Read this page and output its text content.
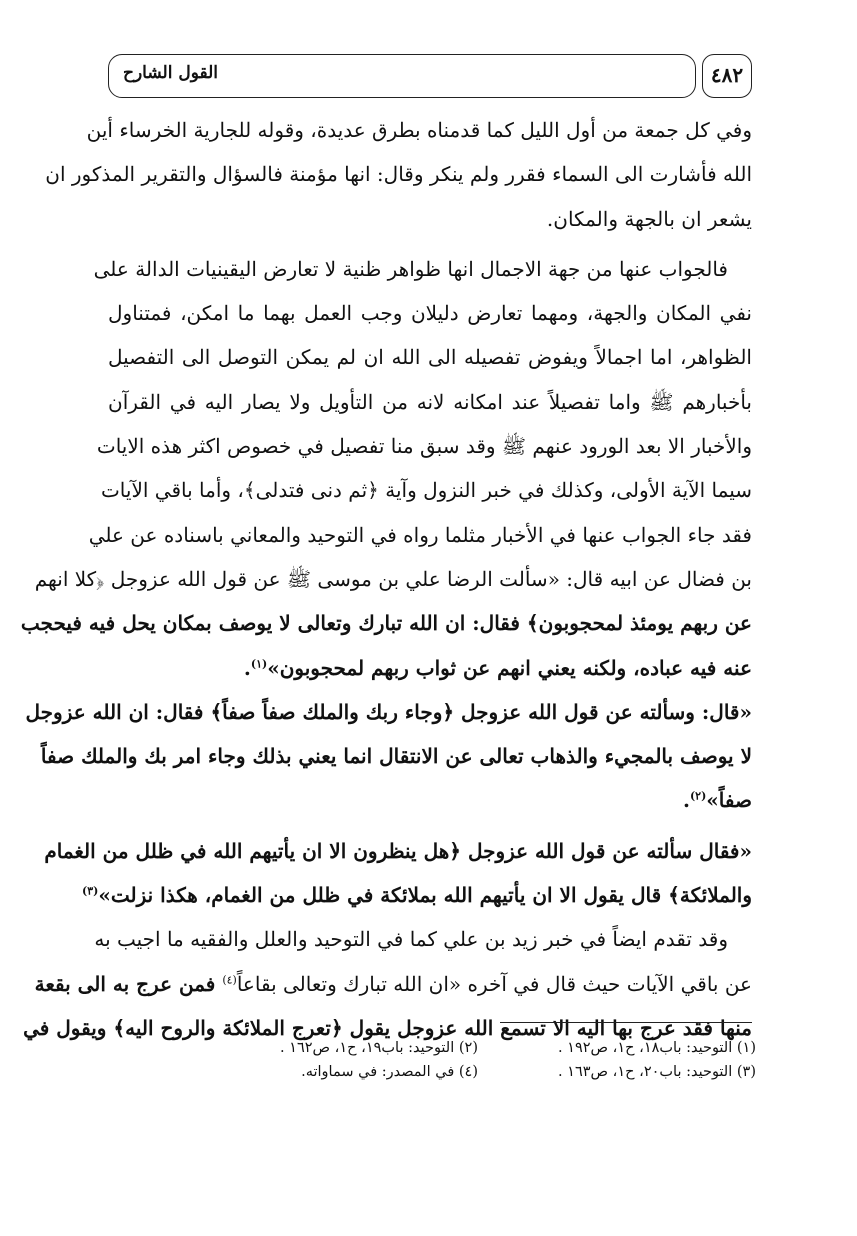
القول الشارح	٤٨٢
وفي كل جمعة من أول الليل كما قدمناه بطرق عديدة، وقوله للجارية الخرساء أين
الله فأشارت الى السماء فقرر ولم ينكر وقال: انها مؤمنة فالسؤال والتقرير المذكور ان
يشعر ان بالجهة والمكان.
فالجواب عنها من جهة الاجمال انها ظواهر ظنية لا تعارض اليقينيات الدالة على
نفي المكان والجهة، ومهما تعارض دليلان وجب العمل بهما ما امكن، فمتناول
الظواهر، اما اجمالاً ويفوض تفصيله الى الله ان لم يمكن التوصل الى التفصيل
بأخبارهم ﷺ واما تفصيلاً عند امكانه لانه من التأويل ولا يصار اليه في القرآن
والأخبار الا بعد الورود عنهم ﷺ وقد سبق منا تفصيل في خصوص اكثر هذه الايات
سيما الآية الأولى، وكذلك في خبر النزول وآية ﴿ثم دنى فتدلى﴾، وأما باقي الآيات
فقد جاء الجواب عنها في الأخبار مثلما رواه في التوحيد والمعاني باسناده عن علي
بن فضال عن ابيه قال: «سألت الرضا علي بن موسى ﷺ عن قول الله عزوجل ﴿كلا انهم
عن ربهم يومئذ لمحجوبون﴾ فقال: ان الله تبارك وتعالى لا يوصف بمكان يحل فيه فيحجب
عنه فيه عباده، ولكنه يعني انهم عن ثواب ربهم لمحجوبون»$^{(١)}$.
«قال: وسألته عن قول الله عزوجل ﴿وجاء ربك والملك صفاً صفاً﴾ فقال: ان الله عزوجل
لا يوصف بالمجيء والذهاب تعالى عن الانتقال انما يعني بذلك وجاء امر بك والملك صفاً
صفاً»$^{(٢)}$.
«فقال سألته عن قول الله عزوجل ﴿هل ينظرون الا ان يأتيهم الله في ظلل من الغمام
والملائكة﴾ قال يقول الا ان يأتيهم الله بملائكة في ظلل من الغمام، هكذا نزلت»$^{(٣)}$
وقد تقدم ايضاً في خبر زيد بن علي كما في التوحيد والعلل والفقيه ما اجيب به
عن باقي الآيات حيث قال في آخره «ان الله تبارك وتعالى بقاعاً$^{(٤)}$ فمن عرج به الى بقعة
منها فقد عرج بها اليه الا تسمع الله عزوجل يقول ﴿تعرج الملائكة والروح اليه﴾ ويقول في
(١) التوحيد: باب١٨، ح١، ص١٩٢ .
(٢) التوحيد: باب١٩، ح١، ص١٦٢ .
(٣) التوحيد: باب٢٠، ح١، ص١٦٣ .
(٤) في المصدر: في سماواته.
